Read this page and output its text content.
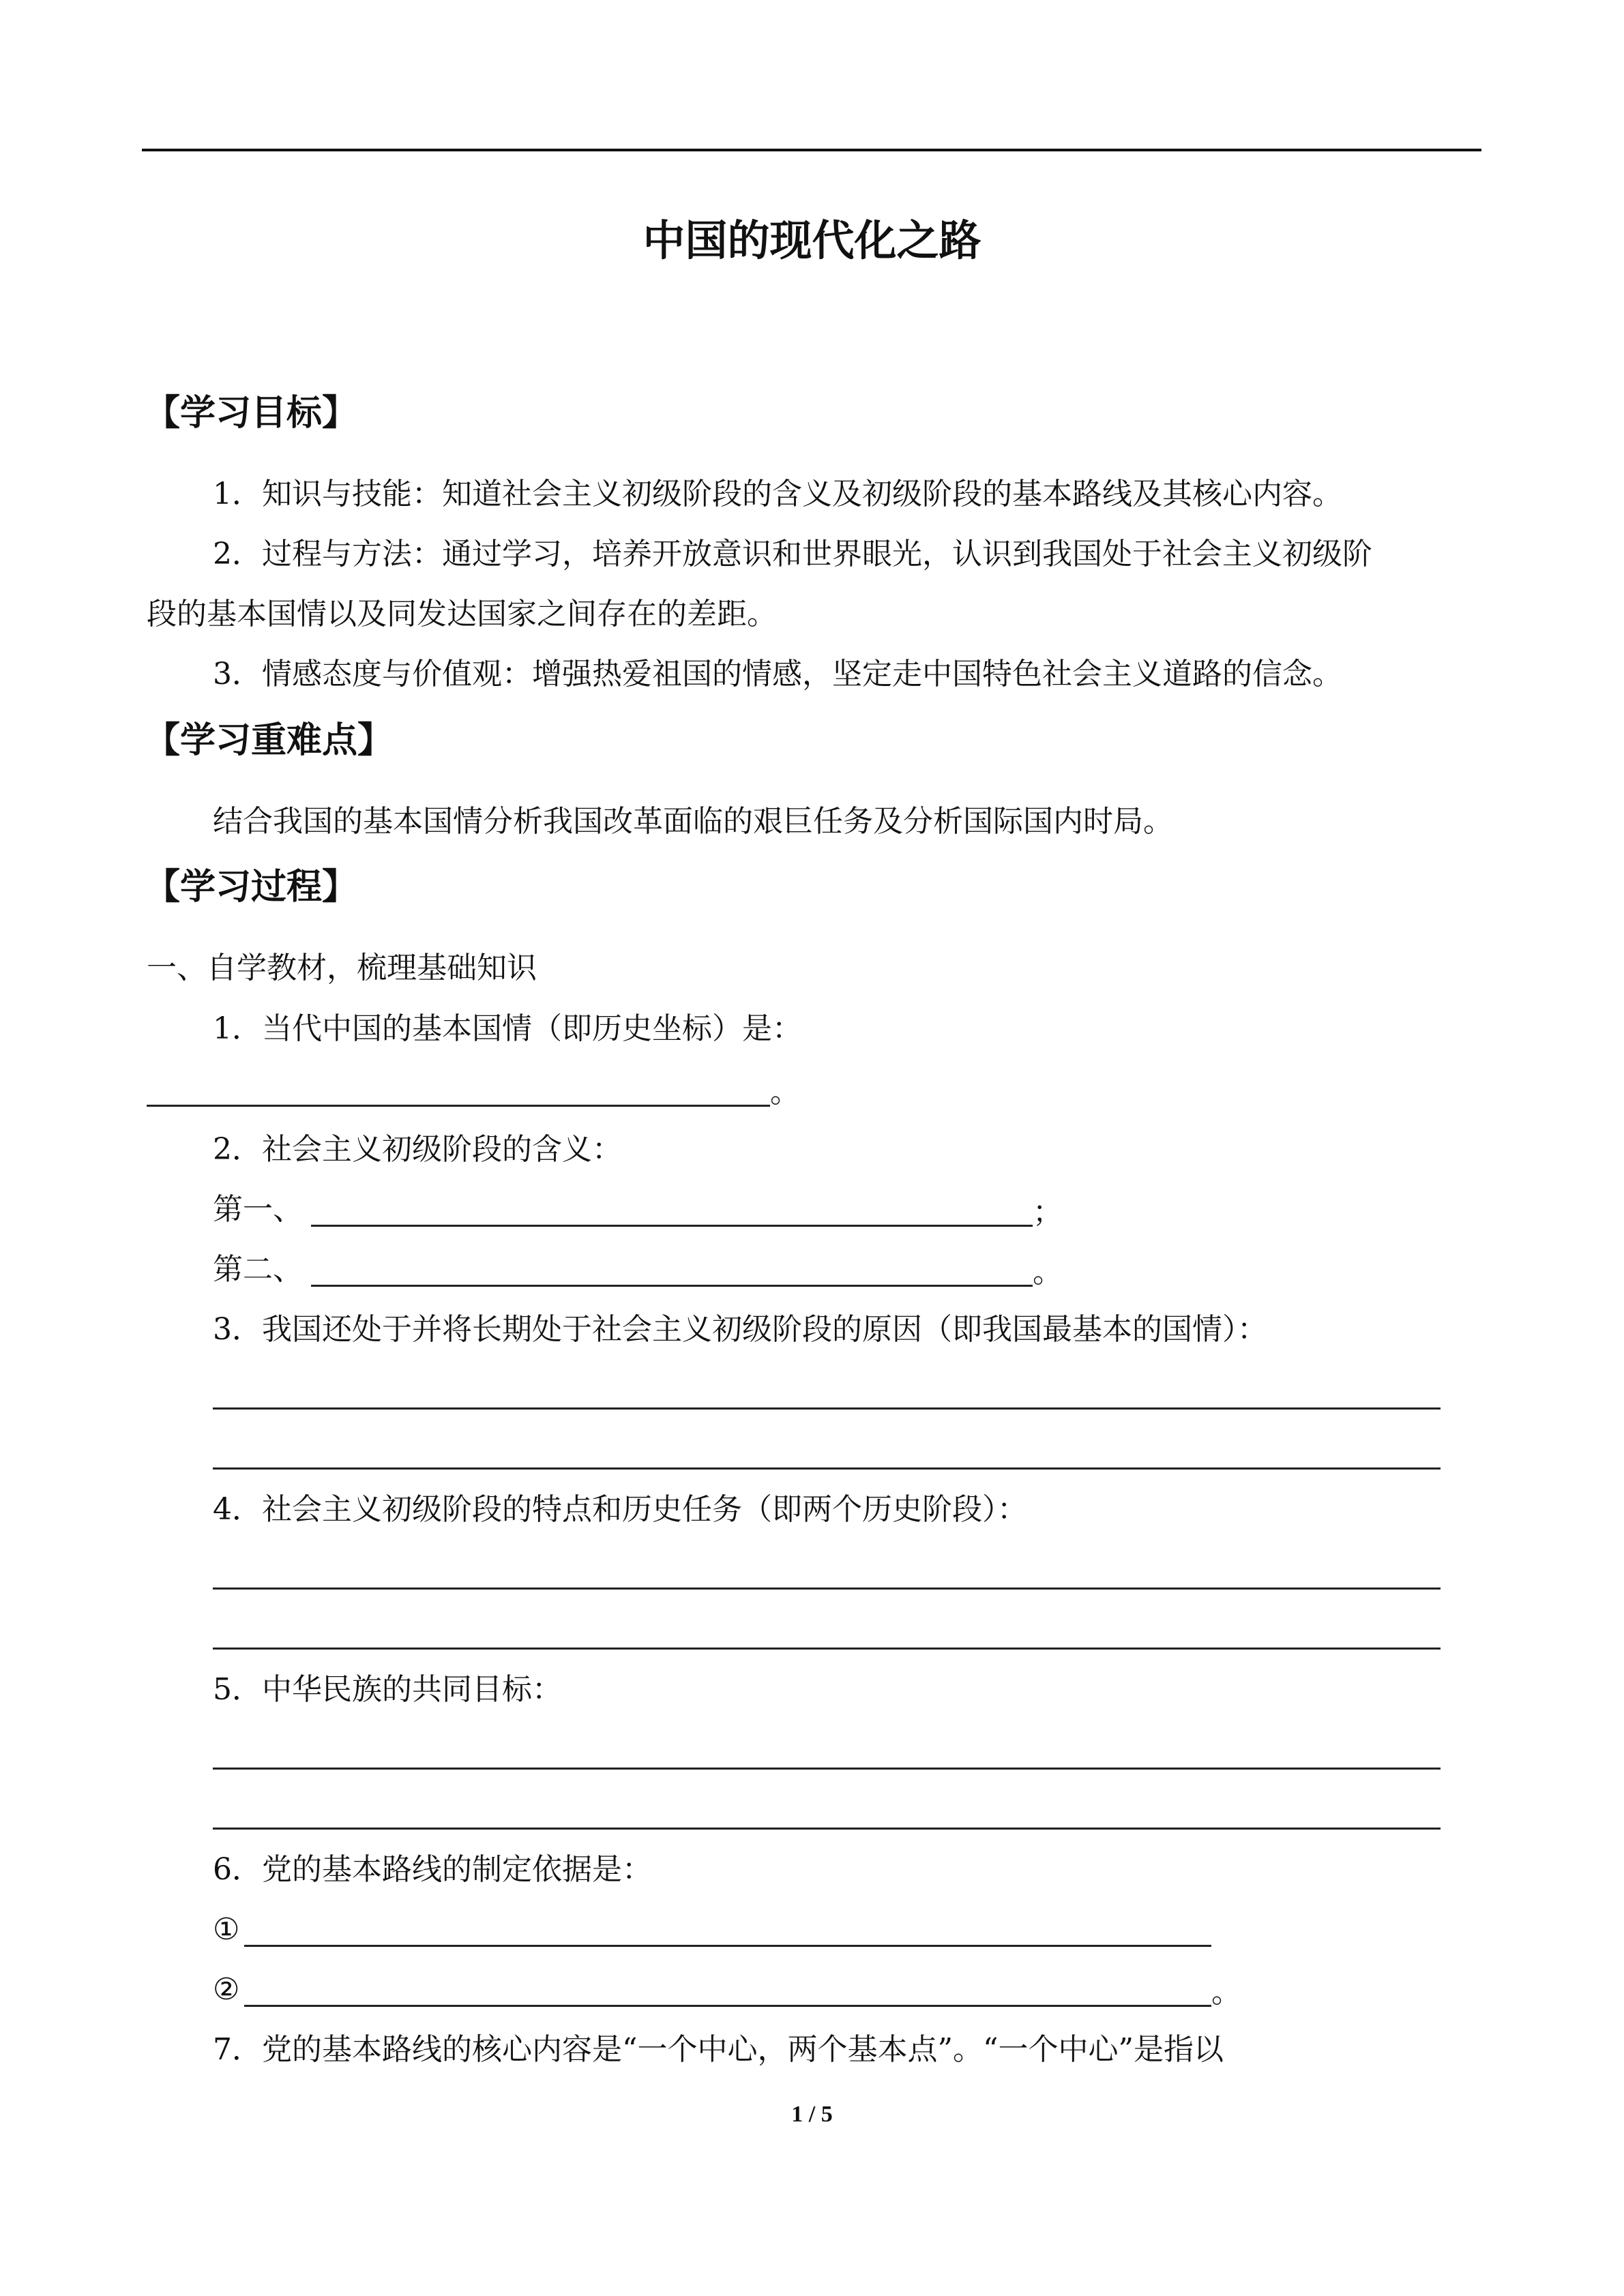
中国的现代化之路
【学习目标】
1．知识与技能：知道社会主义初级阶段的含义及初级阶段的基本路线及其核心内容。
2．过程与方法：通过学习，培养开放意识和世界眼光，认识到我国处于社会主义初级阶
段的基本国情以及同发达国家之间存在的差距。
3．情感态度与价值观：增强热爱祖国的情感，坚定走中国特色社会主义道路的信念。
【学习重难点】
结合我国的基本国情分析我国改革面临的艰巨任务及分析国际国内时局。
【学习过程】
一、自学教材，梳理基础知识
1．当代中国的基本国情（即历史坐标）是：
。
2．社会主义初级阶段的含义：
第一、	；
第二、	。
3．我国还处于并将长期处于社会主义初级阶段的原因（即我国最基本的国情）：
4．社会主义初级阶段的特点和历史任务（即两个历史阶段）：
5．中华民族的共同目标：
6．党的基本路线的制定依据是：
①
②	。
7．党的基本路线的核心内容是“一个中心，两个基本点”。“一个中心”是指以
1 / 5
